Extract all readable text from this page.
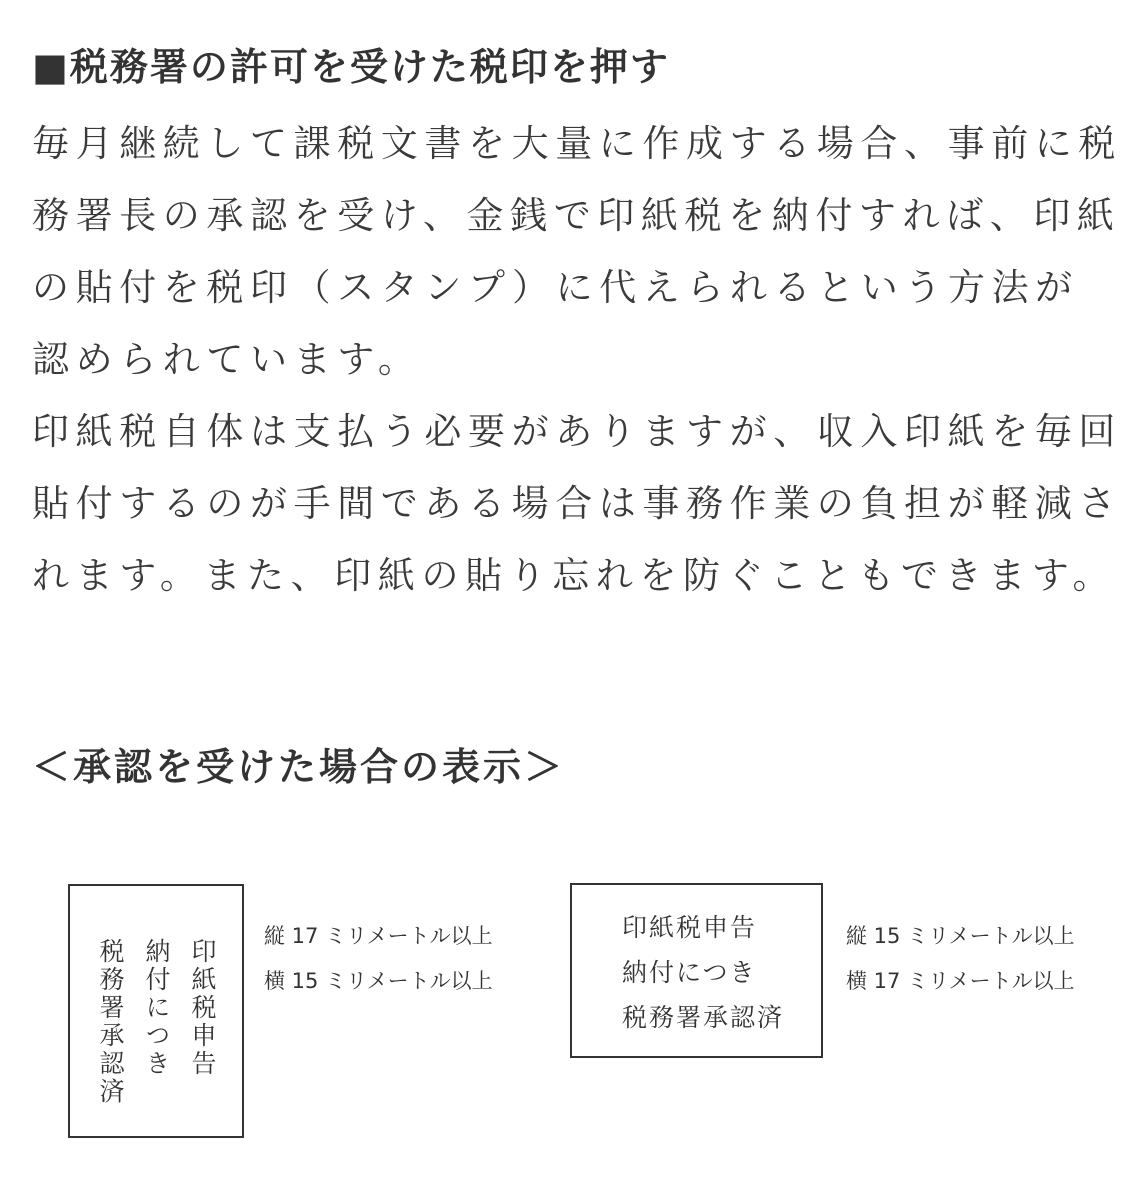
■税務署の許可を受けた税印を押す

毎月継続して課税文書を大量に作成する場合、事前に税務署長の承認を受け、金銭で印紙税を納付すれば、印紙の貼付を税印（スタンプ）に代えられるという方法が認められています。

印紙税自体は支払う必要がありますが、収入印紙を毎回貼付するのが手間である場合は事務作業の負担が軽減されます。また、印紙の貼り忘れを防ぐこともできます。

＜承認を受けた場合の表示＞
印紙税申告
納付につき
税務署承認済
縦 17 ミリメートル以上
横 15 ミリメートル以上
印紙税申告
納付につき
税務署承認済
縦 15 ミリメートル以上
横 17 ミリメートル以上
